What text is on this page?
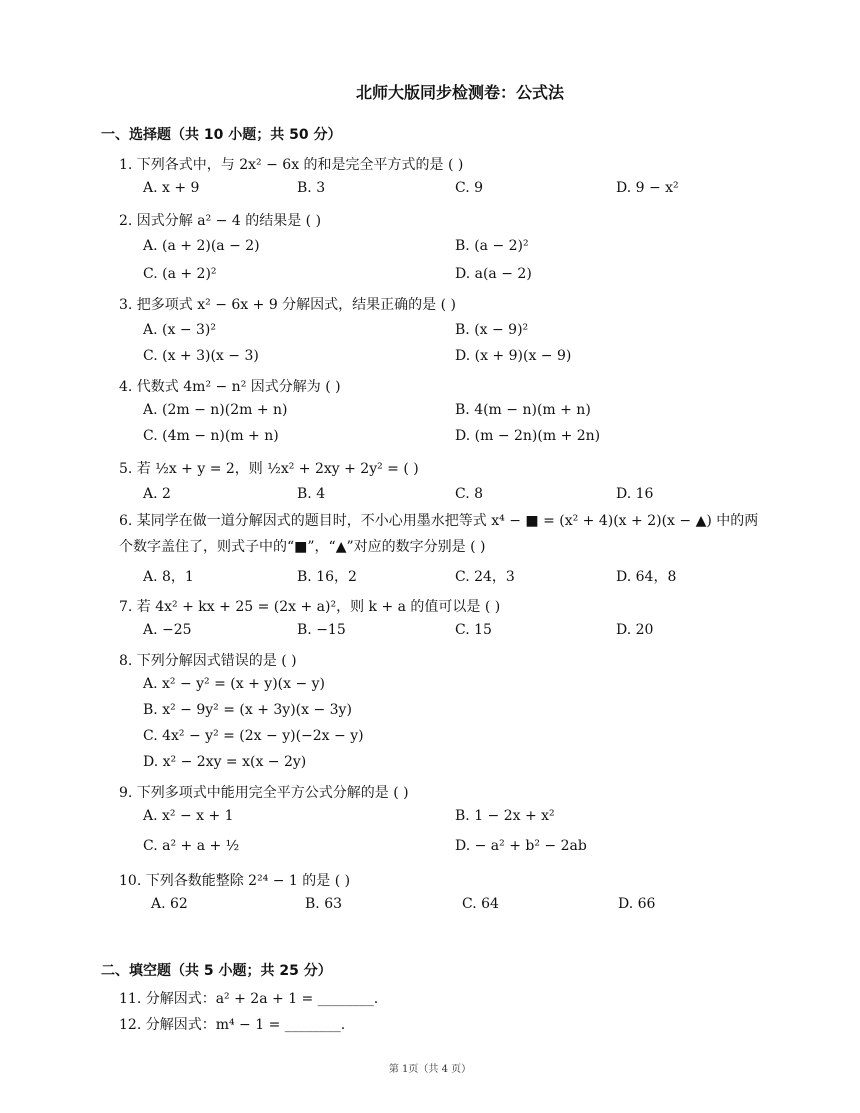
北师大版同步检测卷：公式法
一、选择题（共 10 小题；共 50 分）
1. 下列各式中，与 2x² − 6x 的和是完全平方式的是 ( )
A. x + 9	B. 3	C. 9	D. 9 − x²
2. 因式分解 a² − 4 的结果是 ( )
A. (a + 2)(a − 2)	B. (a − 2)²
C. (a + 2)²	D. a(a − 2)
3. 把多项式 x² − 6x + 9 分解因式，结果正确的是 ( )
A. (x − 3)²	B. (x − 9)²
C. (x + 3)(x − 3)	D. (x + 9)(x − 9)
4. 代数式 4m² − n² 因式分解为 ( )
A. (2m − n)(2m + n)	B. 4(m − n)(m + n)
C. (4m − n)(m + n)	D. (m − 2n)(m + 2n)
5. 若 ½x + y = 2，则 ½x² + 2xy + 2y² = ( )
A. 2	B. 4	C. 8	D. 16
6. 某同学在做一道分解因式的题目时，不小心用墨水把等式 x⁴ − ■ = (x² + 4)(x + 2)(x − ▲) 中的两个数字盖住了，则式子中的“■”，“▲”对应的数字分别是 ( )
A. 8，1	B. 16，2	C. 24，3	D. 64，8
7. 若 4x² + kx + 25 = (2x + a)²，则 k + a 的值可以是 ( )
A. −25	B. −15	C. 15	D. 20
8. 下列分解因式错误的是 ( )
A. x² − y² = (x + y)(x − y)
B. x² − 9y² = (x + 3y)(x − 3y)
C. 4x² − y² = (2x − y)(−2x − y)
D. x² − 2xy = x(x − 2y)
9. 下列多项式中能用完全平方公式分解的是 ( )
A. x² − x + 1	B. 1 − 2x + x²
C. a² + a + ½	D. − a² + b² − 2ab
10. 下列各数能整除 2²⁴ − 1 的是 ( )
A. 62	B. 63	C. 64	D. 66
二、填空题（共 5 小题；共 25 分）
11. 分解因式：a² + 2a + 1 = ________.
12. 分解因式：m⁴ − 1 = ________.
第 1页（共 4 页）
